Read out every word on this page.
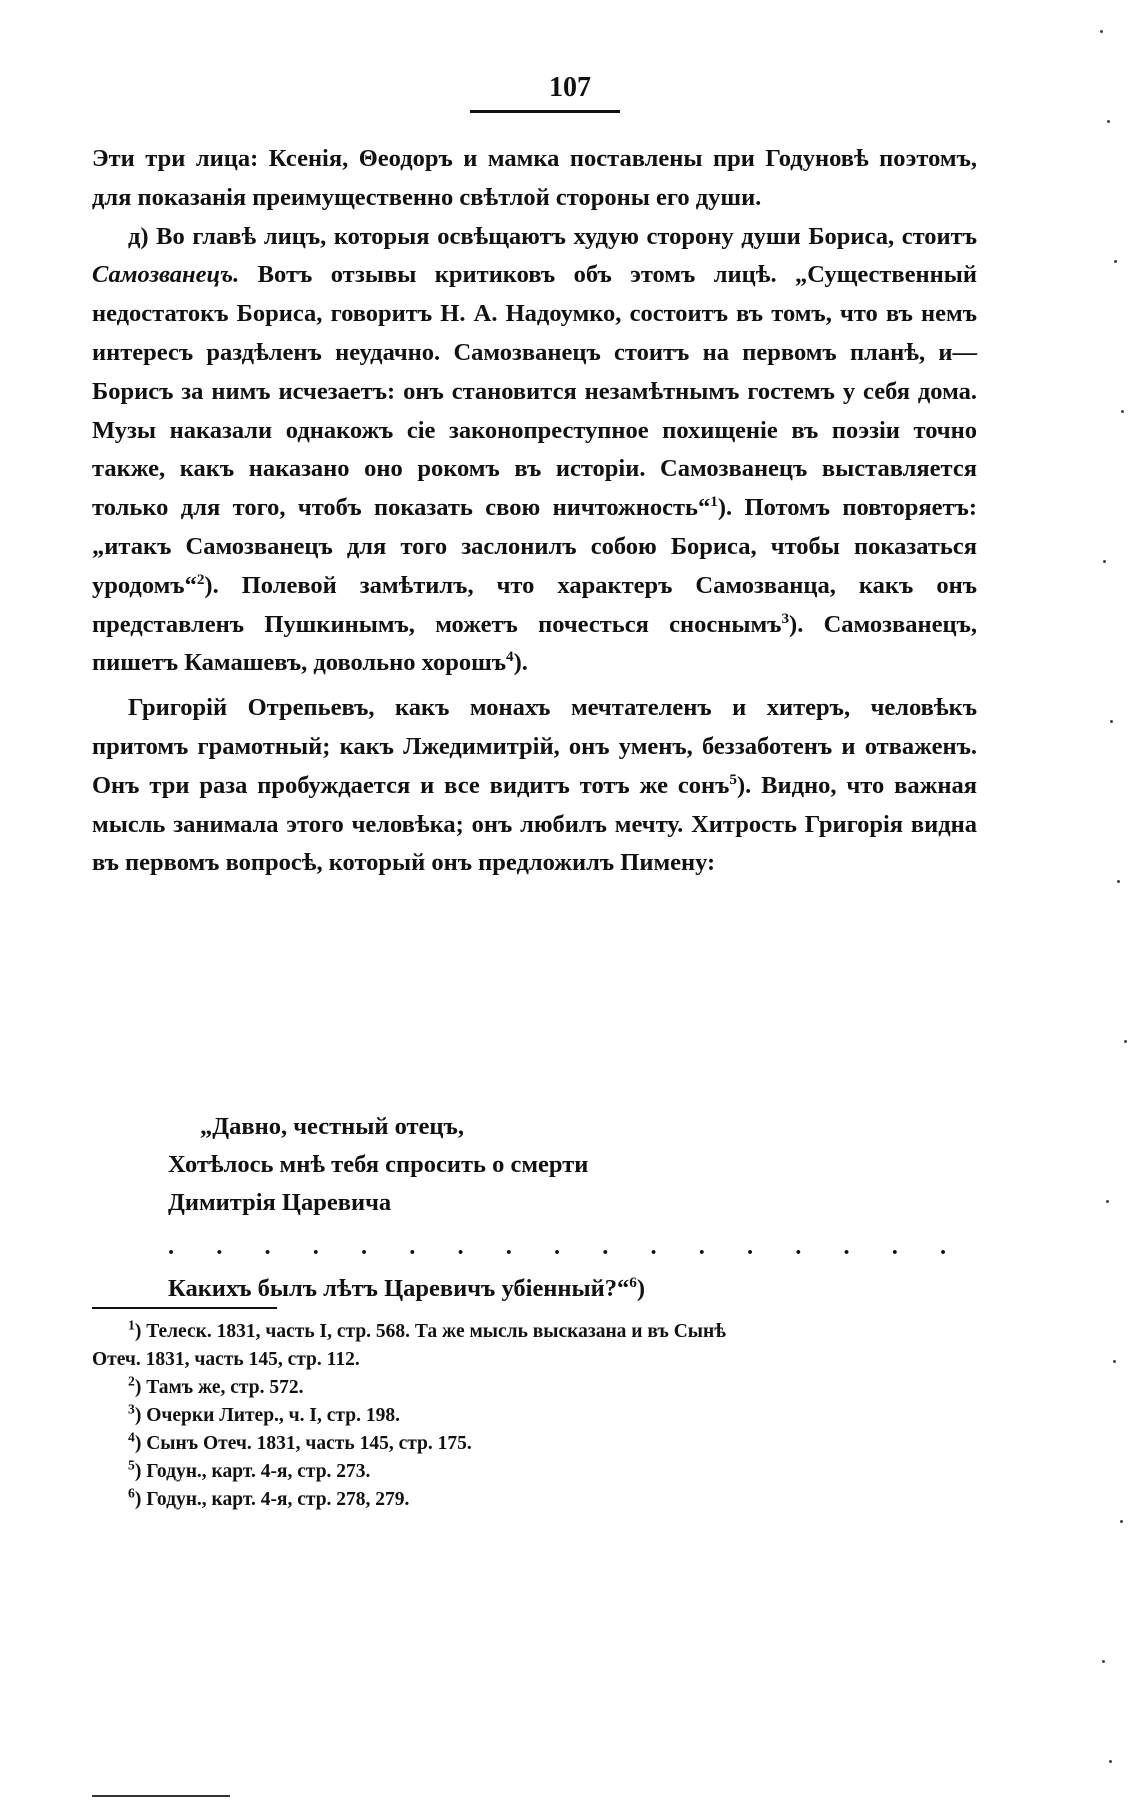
107

Эти три лица: Ксенія, Θеодоръ и мамка поставлены при Годуновѣ поэтомъ, для показанія преимущественно свѣтлой стороны его души.

д) Во главѣ лицъ, которыя освѣщаютъ худую сторону души Бориса, стоитъ Самозванецъ. Вотъ отзывы критиковъ объ этомъ лицѣ. „Существенный недостатокъ Бориса, говоритъ Н. А. Надоумко, состоитъ въ томъ, что въ немъ интересъ раздѣленъ неудачно. Самозванецъ стоитъ на первомъ планѣ, и—Борисъ за нимъ исчезаетъ: онъ становится незамѣтнымъ гостемъ у себя дома. Музы наказали однакожъ сіе законопреступное похищеніе въ поэзіи точно также, какъ наказано оно рокомъ въ исторіи. Самозванецъ выставляется только для того, чтобъ показать свою ничтожность“$^1$). Потомъ повторяетъ: „итакъ Самозванецъ для того заслонилъ собою Бориса, чтобы показаться уродомъ“$^2$). Полевой замѣтилъ, что характеръ Самозванца, какъ онъ представленъ Пушкинымъ, можетъ почестьcя сноснымъ$^3$). Самозванецъ, пишетъ Камашевъ, довольно хорошъ$^4$).

Григорій Отрепьевъ, какъ монахъ мечтателенъ и хитеръ, человѣкъ притомъ грамотный; какъ Лжедимитрій, онъ уменъ, беззаботенъ и отваженъ. Онъ три раза пробуждается и все видитъ тотъ же сонъ$^5$). Видно, что важная мысль занимала этого человѣка; онъ любилъ мечту. Хитрость Григорія видна въ первомъ вопросѣ, который онъ предложилъ Пимену:

„Давно, честный отецъ,
Хотѣлось мнѣ тебя спросить о смерти
Димитрія Царевича
. . . . . . . . . . . . . . . . .
Какихъ былъ лѣтъ Царевичъ убіенный?“$^6$)

$^1$) Телеск. 1831, часть I, стр. 568. Та же мысль высказана и въ Сынѣ

Отеч. 1831, часть 145, стр. 112.

$^2$) Тамъ же, стр. 572.

$^3$) Очерки Литер., ч. I, стр. 198.

$^4$) Сынъ Отеч. 1831, часть 145, стр. 175.

$^5$) Годун., карт. 4-я, стр. 273.

$^6$) Годун., карт. 4-я, стр. 278, 279.
